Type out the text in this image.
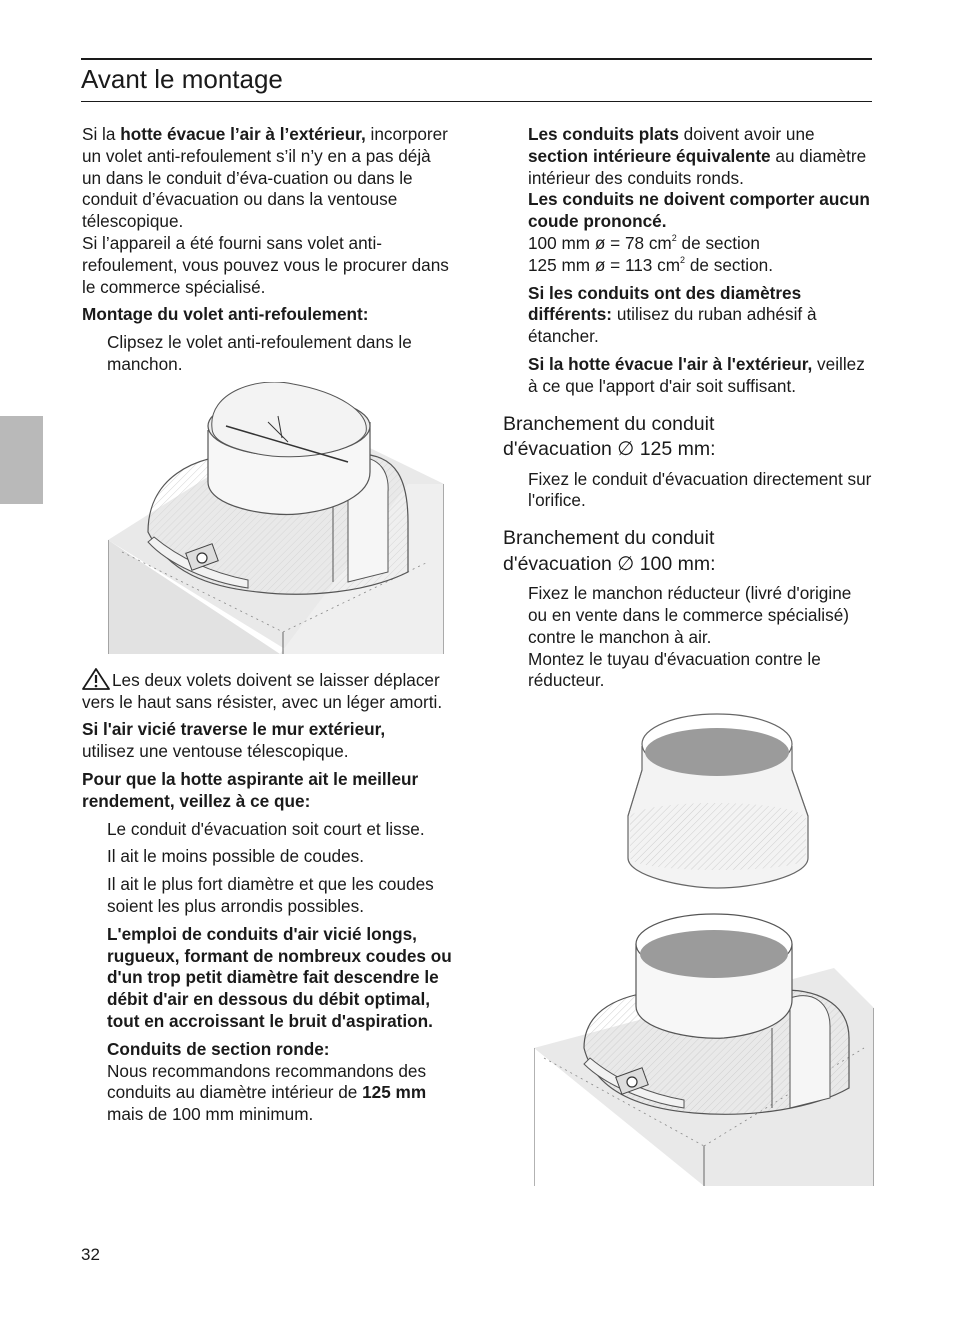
Avant le montage

Si la hotte évacue l’air à l’extérieur, incorporer un volet anti-refoulement s’il n’y en a pas déjà un dans le conduit d’éva-cuation ou dans le conduit d’évacuation ou dans la ventouse télescopique.
Si l’appareil a été fourni sans volet anti-refoulement, vous pouvez vous le procurer dans le commerce spécialisé.

Montage du volet anti-refoulement:

Clipsez le volet anti-refoulement dans le manchon.

Les deux volets doivent se laisser déplacer vers le haut sans résister, avec un léger amorti.

Si l'air vicié traverse le mur extérieur,
utilisez une ventouse télescopique.

Pour que la hotte aspirante ait le meilleur rendement, veillez à ce que:

Le conduit d'évacuation soit court et lisse.

Il ait le moins possible de coudes.

Il ait le plus fort diamètre et que les coudes soient les plus arrondis possibles.

L'emploi de conduits d'air vicié longs, rugueux, formant de nombreux coudes ou d'un trop petit diamètre fait descendre le débit d'air en dessous du débit optimal, tout en accroissant le bruit d'aspiration.

Conduits de section ronde:
Nous recommandons recommandons des conduits au diamètre intérieur de 125 mm mais de 100 mm minimum.

Les conduits plats doivent avoir une section intérieure équivalente au diamètre intérieur des conduits ronds.
Les conduits ne doivent comporter aucun coude prononcé.
100 mm ø = 78 $cm^2$ de section
125 mm ø = 113 $cm^2$ de section.

Si les conduits ont des diamètres différents: utilisez du ruban adhésif à étancher.

Si la hotte évacue l'air à l'extérieur, veillez à ce que l'apport d'air soit suffisant.

Branchement du conduit
d'évacuation ∅ 125 mm:

Fixez le conduit d'évacuation directement sur l'orifice.

Branchement du conduit
d'évacuation ∅ 100 mm:

Fixez le manchon réducteur (livré d'origine ou en vente dans le commerce spécialisé) contre le manchon à air.
Montez le tuyau d'évacuation contre le réducteur.

32
